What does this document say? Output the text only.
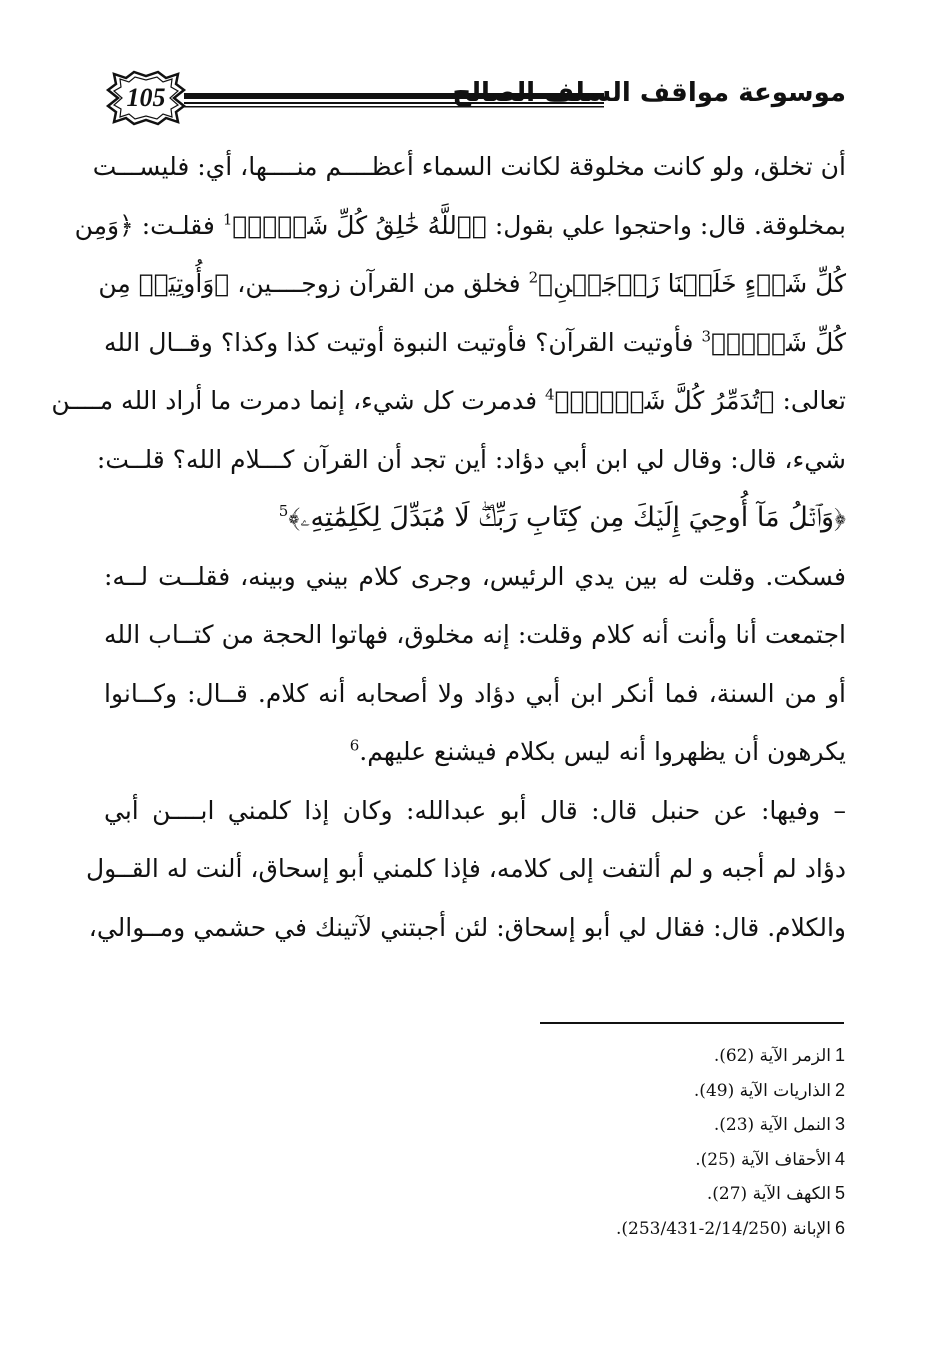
105	موسوعة مواقف السلف الصالح
أن تخلق، ولو كانت مخلوقة لكانت السماء أعظــــم منــــها، أي: فليســـت
بمخلوقة. قال: واحتجوا علي بقول: ﴿ٱللَّهُ خَٰلِقُ كُلِّ شَيۡءٖ﴾$^1$ فقلـت: ﴿وَمِن
كُلِّ شَيۡءٍ خَلَقۡنَا زَوۡجَيۡنِ﴾$^2$ فخلق من القرآن زوجــــين، ﴿وَأُوتِيَتۡ مِن
كُلِّ شَيۡءٖ﴾$^3$ فأوتيت القرآن؟ فأوتيت النبوة أوتيت كذا وكذا؟ وقــال الله
تعالى: ﴿تُدَمِّرُ كُلَّ شَيۡءِۭ﴾$^4$ فدمرت كل شيء، إنما دمرت ما أراد الله مــــن
شيء، قال: وقال لي ابن أبي دؤاد: أين تجد أن القرآن كـــلام الله؟ قلــت:
﴿وَٱتۡلُ مَآ أُوحِيَ إِلَيۡكَ مِن كِتَابِ رَبِّكَۖ لَا مُبَدِّلَ لِكَلِمَٰتِهِۦ﴾$^5$
فسكت. وقلت له بين يدي الرئيس، وجرى كلام بيني وبينه، فقلــت لــه:
اجتمعت أنا وأنت أنه كلام وقلت: إنه مخلوق، فهاتوا الحجة من كتــاب الله
أو من السنة، فما أنكر ابن أبي دؤاد ولا أصحابه أنه كلام. قــال: وكــانوا
يكرهون أن يظهروا أنه ليس بكلام فيشنع عليهم.$^6$
– وفيها: عن حنبل قال: قال أبو عبدالله: وكان إذا كلمني ابــــن أبي
دؤاد لم أجبه و لم ألتفت إلى كلامه، فإذا كلمني أبو إسحاق، ألنت له القــول
والكلام. قال: فقال لي أبو إسحاق: لئن أجبتني لآتينك في حشمي ومــوالي،
1الزمر الآية (62).
2الذاريات الآية (49).
3النمل الآية (23).
4الأحقاف الآية (25).
5الكهف الآية (27).
6الإبانة (2/14/250-253/431).
